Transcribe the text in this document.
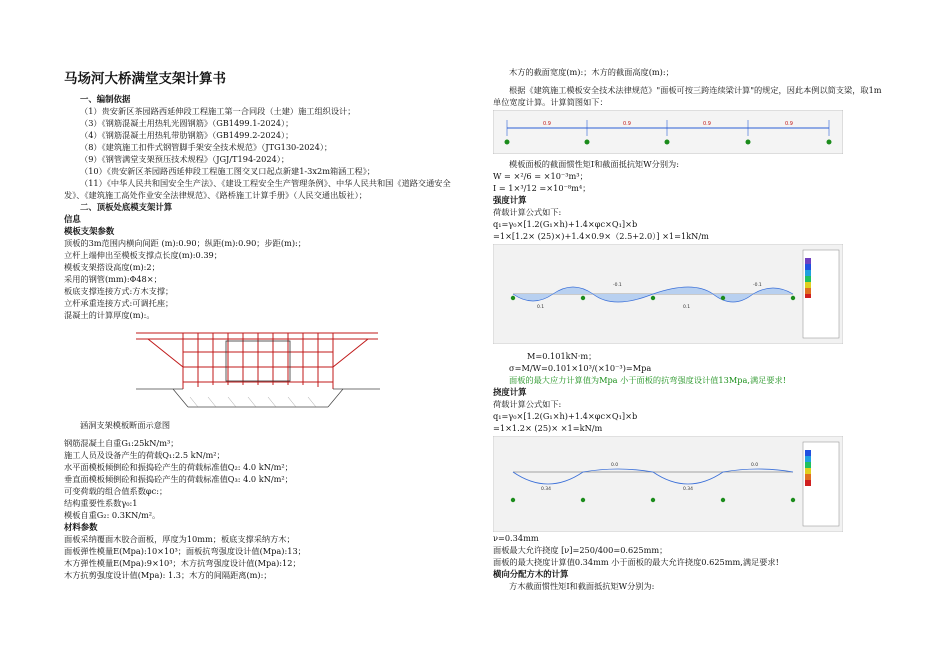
马场河大桥满堂支架计算书
一、编制依据
（1）贵安新区茶园路西延伸段工程施工第一合同段（土建）施工组织设计；
（3）《钢筋混凝土用热轧光圆钢筋》（GB1499.1-2024）；
（4）《钢筋混凝土用热轧带肋钢筋》（GB1499.2-2024）；
（8）《建筑施工扣件式钢管脚手架安全技术规范》（JTG130-2024）；
（9）《钢管满堂支架预压技术规程》（JGJ/T194-2024）；
（10）《贵安新区茶园路西延伸段工程施工图交叉口起点新建1-3x2m箱涵工程》；
（11）《中华人民共和国安全生产法》、《建设工程安全生产管理条例》、中华人民共和国《道路交通安全发》、《建筑施工高处作业安全法律规范》、《路桥施工计算手册》（人民交通出版社）；
二、顶板处底模支架计算
信息
模板支架参数
顶板的3m范围内横向间距 (m):0.90；纵距(m):0.90；步距(m):；
立杆上端伸出至模板支撑点长度(m):0.39；
模板支架搭设高度(m):2；
采用的钢管(mm):Φ48×；
板底支撑连接方式:方木支撑；
立杆承重连接方式:可调托座；
混凝土的计算厚度(m):。
涵洞支架模板断面示意图
钢筋混凝土自重G₁:25kN/m³；
施工人员及设备产生的荷载Q₁:2.5 kN/m²；
水平面模板倾倒砼和振捣砼产生的荷载标准值Q₂: 4.0 kN/m²；
垂直面模板倾倒砼和振捣砼产生的荷载标准值Q₃: 4.0 kN/m²；
可变荷载的组合值系数φc:；
结构重要性系数γ₀:1
模板自重G₂: 0.3KN/m²。
材料参数
面板采纳覆面木胶合面板，厚度为10mm；板底支撑采纳方木；
面板弹性模量E(Mpa):10×10³；面板抗弯强度设计值(Mpa):13；
木方弹性模量E(Mpa):9×10³；木方抗弯强度设计值(Mpa):12；
木方抗剪强度设计值(Mpa): 1.3；木方的间隔距离(m):；
木方的截面宽度(m):；木方的截面高度(m):；
根据《建筑施工模板安全技术法律规范》"面板可按三跨连续梁计算"的规定，因此本例以简支梁，取1m单位宽度计算。计算简图如下：
0.9	0.9	0.9	0.9
模板面板的截面惯性矩I和截面抵抗矩W分别为:
W = ×²/6 = ×10⁻³m³；
I = 1×³/12 =×10⁻⁸m⁴；
强度计算
荷载计算公式如下:
q₁=γ₀×[1.2(G₁×h)+1.4×φc×Q₁]×b
=1×[1.2× (25)×)+1.4×0.9×（2.5+2.0）] ×1=1kN/m
0.1
-0.1
0.1
-0.1
M=0.101kN·m；
σ=M/W=0.101×10³/(×10⁻³)=Mpa
面板的最大应力计算值为Mpa 小于面板的抗弯强度设计值13Mpa,满足要求!
挠度计算
荷载计算公式如下:
q₁=γ₀×[1.2(G₁×h)+1.4×φc×Q₁]×b
=1×1.2× (25)× ×1=kN/m
0.34
0.0
0.34
0.0
ν=0.34mm
面板最大允许挠度 [ν]=250/400=0.625mm；
面板的最大挠度计算值0.34mm 小于面板的最大允许挠度0.625mm,满足要求!
横向分配方木的计算
方木截面惯性矩I和截面抵抗矩W分别为:
